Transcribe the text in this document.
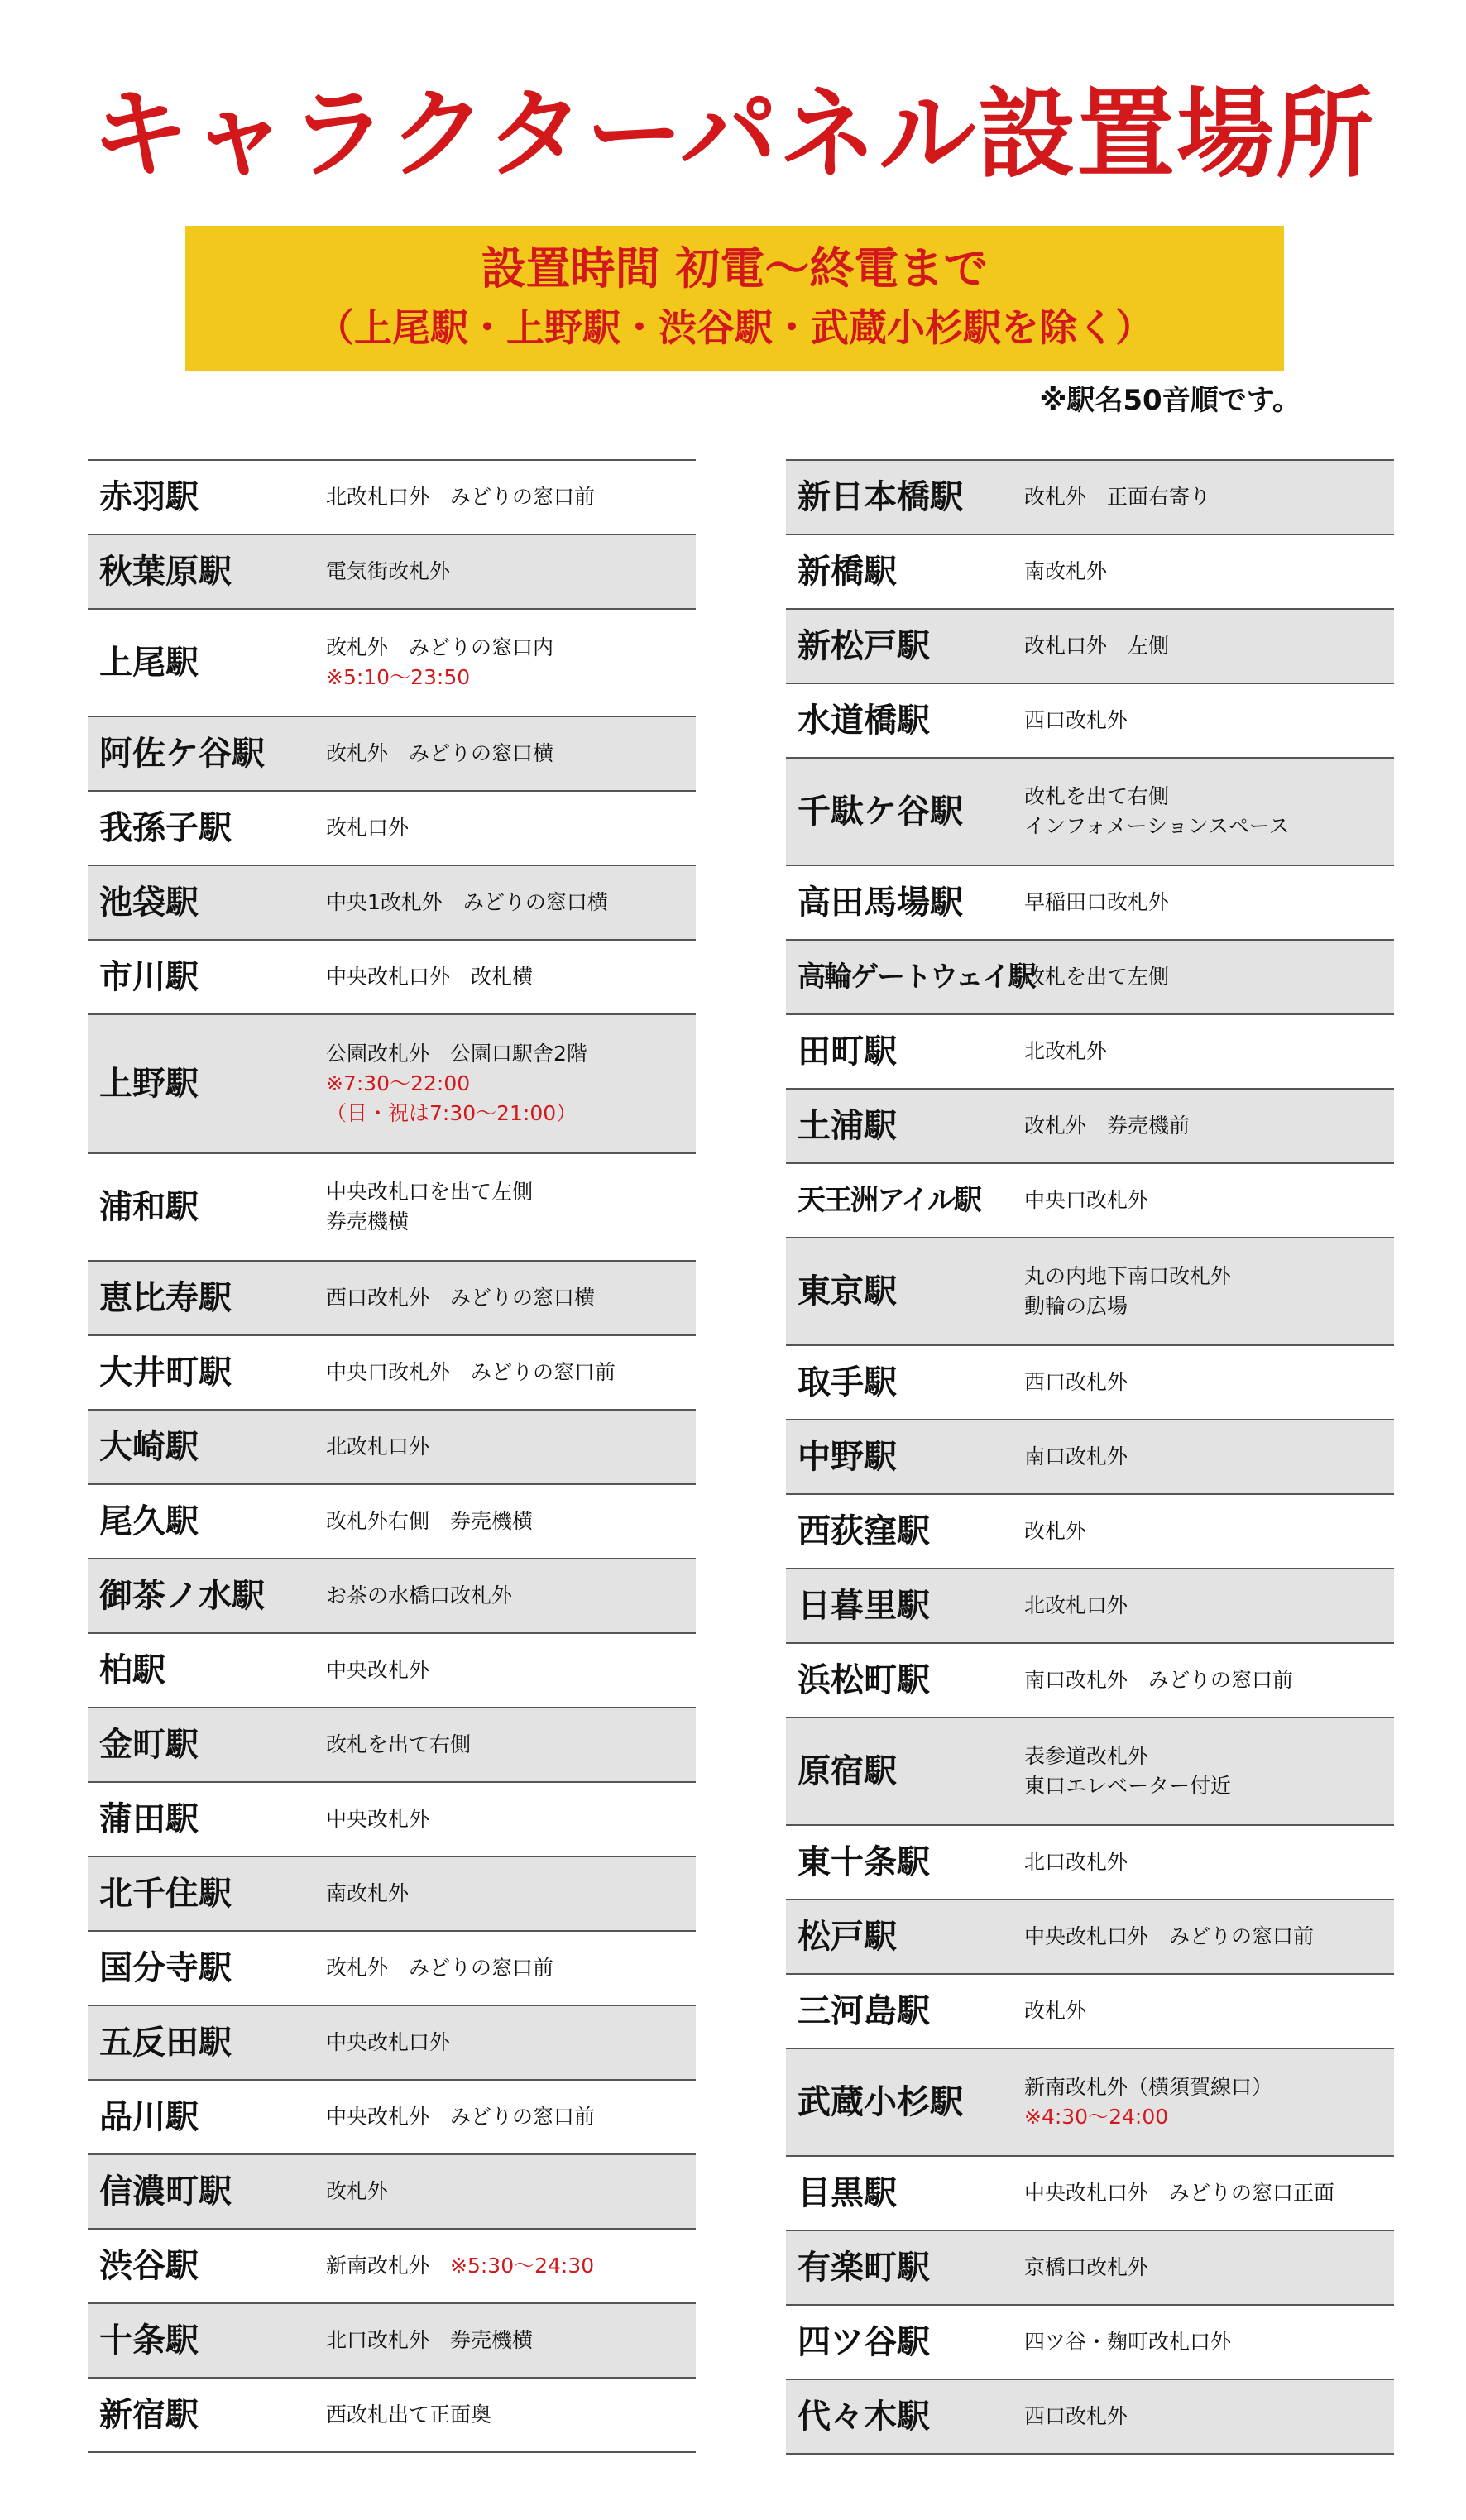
キャラクターパネル設置場所
設置時間 初電～終電まで
（上尾駅・上野駅・渋谷駅・武蔵小杉駅を除く）
※駅名50音順です。
赤羽駅	北改札口外　みどりの窓口前
秋葉原駅	電気街改札外
上尾駅	改札外　みどりの窓口内
※5:10～23:50
阿佐ケ谷駅	改札外　みどりの窓口横
我孫子駅	改札口外
池袋駅	中央1改札外　みどりの窓口横
市川駅	中央改札口外　改札横
上野駅
公園改札外　公園口駅舎2階
※7:30～22:00
（日・祝は7:30～21:00）
浦和駅	中央改札口を出て左側
券売機横
恵比寿駅	西口改札外　みどりの窓口横
大井町駅	中央口改札外　みどりの窓口前
大崎駅	北改札口外
尾久駅	改札外右側　券売機横
御茶ノ水駅	お茶の水橋口改札外
柏駅	中央改札外
金町駅	改札を出て右側
蒲田駅	中央改札外
北千住駅	南改札外
国分寺駅	改札外　みどりの窓口前
五反田駅	中央改札口外
品川駅	中央改札外　みどりの窓口前
信濃町駅	改札外
渋谷駅	新南改札外　※5:30～24:30
十条駅	北口改札外　券売機横
新宿駅	西改札出て正面奥
新日本橋駅	改札外　正面右寄り
新橋駅	南改札外
新松戸駅	改札口外　左側
水道橋駅	西口改札外
千駄ケ谷駅	改札を出て右側
インフォメーションスペース
高田馬場駅	早稲田口改札外
高輪ゲートウェイ駅
改札を出て左側
田町駅	北改札外
土浦駅	改札外　券売機前
天王洲アイル駅 中央口改札外
東京駅	丸の内地下南口改札外
動輪の広場
取手駅	西口改札外
中野駅	南口改札外
西荻窪駅	改札外
日暮里駅	北改札口外
浜松町駅	南口改札外　みどりの窓口前
原宿駅	表参道改札外
東口エレベーター付近
東十条駅	北口改札外
松戸駅	中央改札口外　みどりの窓口前
三河島駅	改札外
武蔵小杉駅	新南改札外（横須賀線口）
※4:30～24:00
目黒駅	中央改札口外　みどりの窓口正面
有楽町駅	京橋口改札外
四ツ谷駅	四ツ谷・麹町改札口外
代々木駅	西口改札外
